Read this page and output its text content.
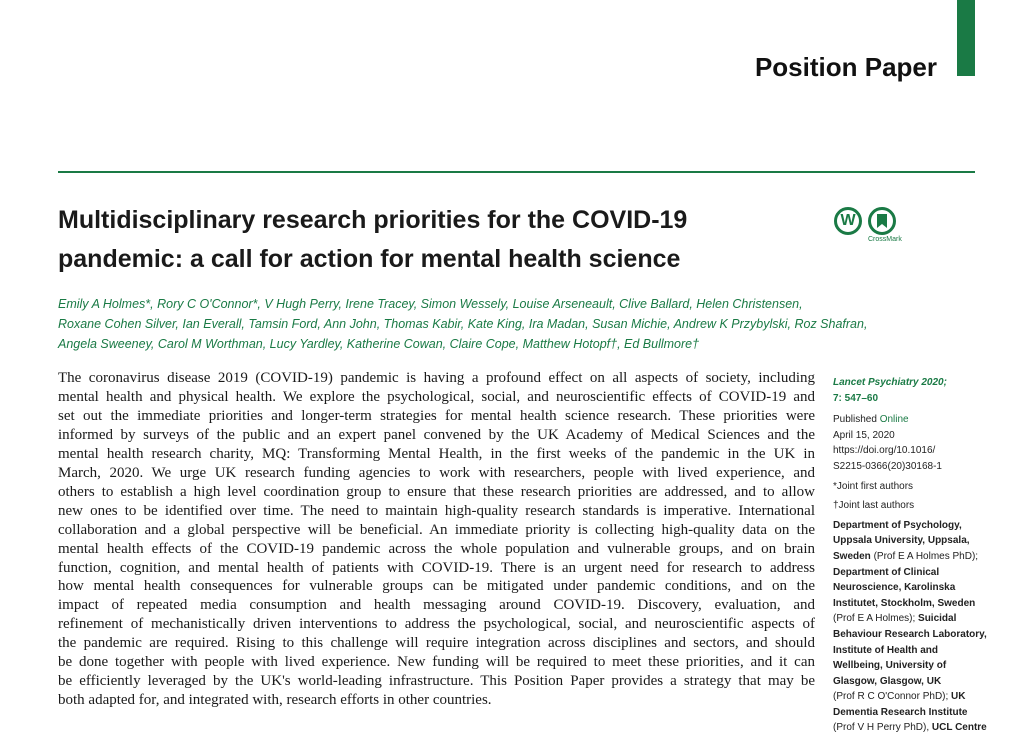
Position Paper
Multidisciplinary research priorities for the COVID-19
pandemic: a call for action for mental health science
W
CrossMark
Emily A Holmes*, Rory C O'Connor*, V Hugh Perry, Irene Tracey, Simon Wessely, Louise Arseneault, Clive Ballard, Helen Christensen,
Roxane Cohen Silver, Ian Everall, Tamsin Ford, Ann John, Thomas Kabir, Kate King, Ira Madan, Susan Michie, Andrew K Przybylski, Roz Shafran,
Angela Sweeney, Carol M Worthman, Lucy Yardley, Katherine Cowan, Claire Cope, Matthew Hotopf†, Ed Bullmore†
The coronavirus disease 2019 (COVID-19) pandemic is having a profound effect on all aspects of society, including
mental health and physical health. We explore the psychological, social, and neuroscientific effects of COVID-19 and
set out the immediate priorities and longer-term strategies for mental health science research. These priorities were
informed by surveys of the public and an expert panel convened by the UK Academy of Medical Sciences and the
mental health research charity, MQ: Transforming Mental Health, in the first weeks of the pandemic in the UK in
March, 2020. We urge UK research funding agencies to work with researchers, people with lived experience, and
others to establish a high level coordination group to ensure that these research priorities are addressed, and to allow
new ones to be identified over time. The need to maintain high-quality research standards is imperative. International
collaboration and a global perspective will be beneficial. An immediate priority is collecting high-quality data on the
mental health effects of the COVID-19 pandemic across the whole population and vulnerable groups, and on brain
function, cognition, and mental health of patients with COVID-19. There is an urgent need for research to address
how mental health consequences for vulnerable groups can be mitigated under pandemic conditions, and on the
impact of repeated media consumption and health messaging around COVID-19. Discovery, evaluation, and
refinement of mechanistically driven interventions to address the psychological, social, and neuroscientific aspects of
the pandemic are required. Rising to this challenge will require integration across disciplines and sectors, and should
be done together with people with lived experience. New funding will be required to meet these priorities, and it can
be efficiently leveraged by the UK's world-leading infrastructure. This Position Paper provides a strategy that may be
both adapted for, and integrated with, research efforts in other countries.
Lancet Psychiatry 2020;
7: 547–60
Published Online
April 15, 2020
https://doi.org/10.1016/
S2215-0366(20)30168-1
*Joint first authors
†Joint last authors
Department of Psychology,
Uppsala University, Uppsala,
Sweden (Prof E A Holmes PhD);
Department of Clinical
Neuroscience, Karolinska
Institutet, Stockholm, Sweden
(Prof E A Holmes); Suicidal
Behaviour Research Laboratory,
Institute of Health and
Wellbeing, University of
Glasgow, Glasgow, UK
(Prof R C O'Connor PhD); UK
Dementia Research Institute
(Prof V H Perry PhD), UCL Centre
